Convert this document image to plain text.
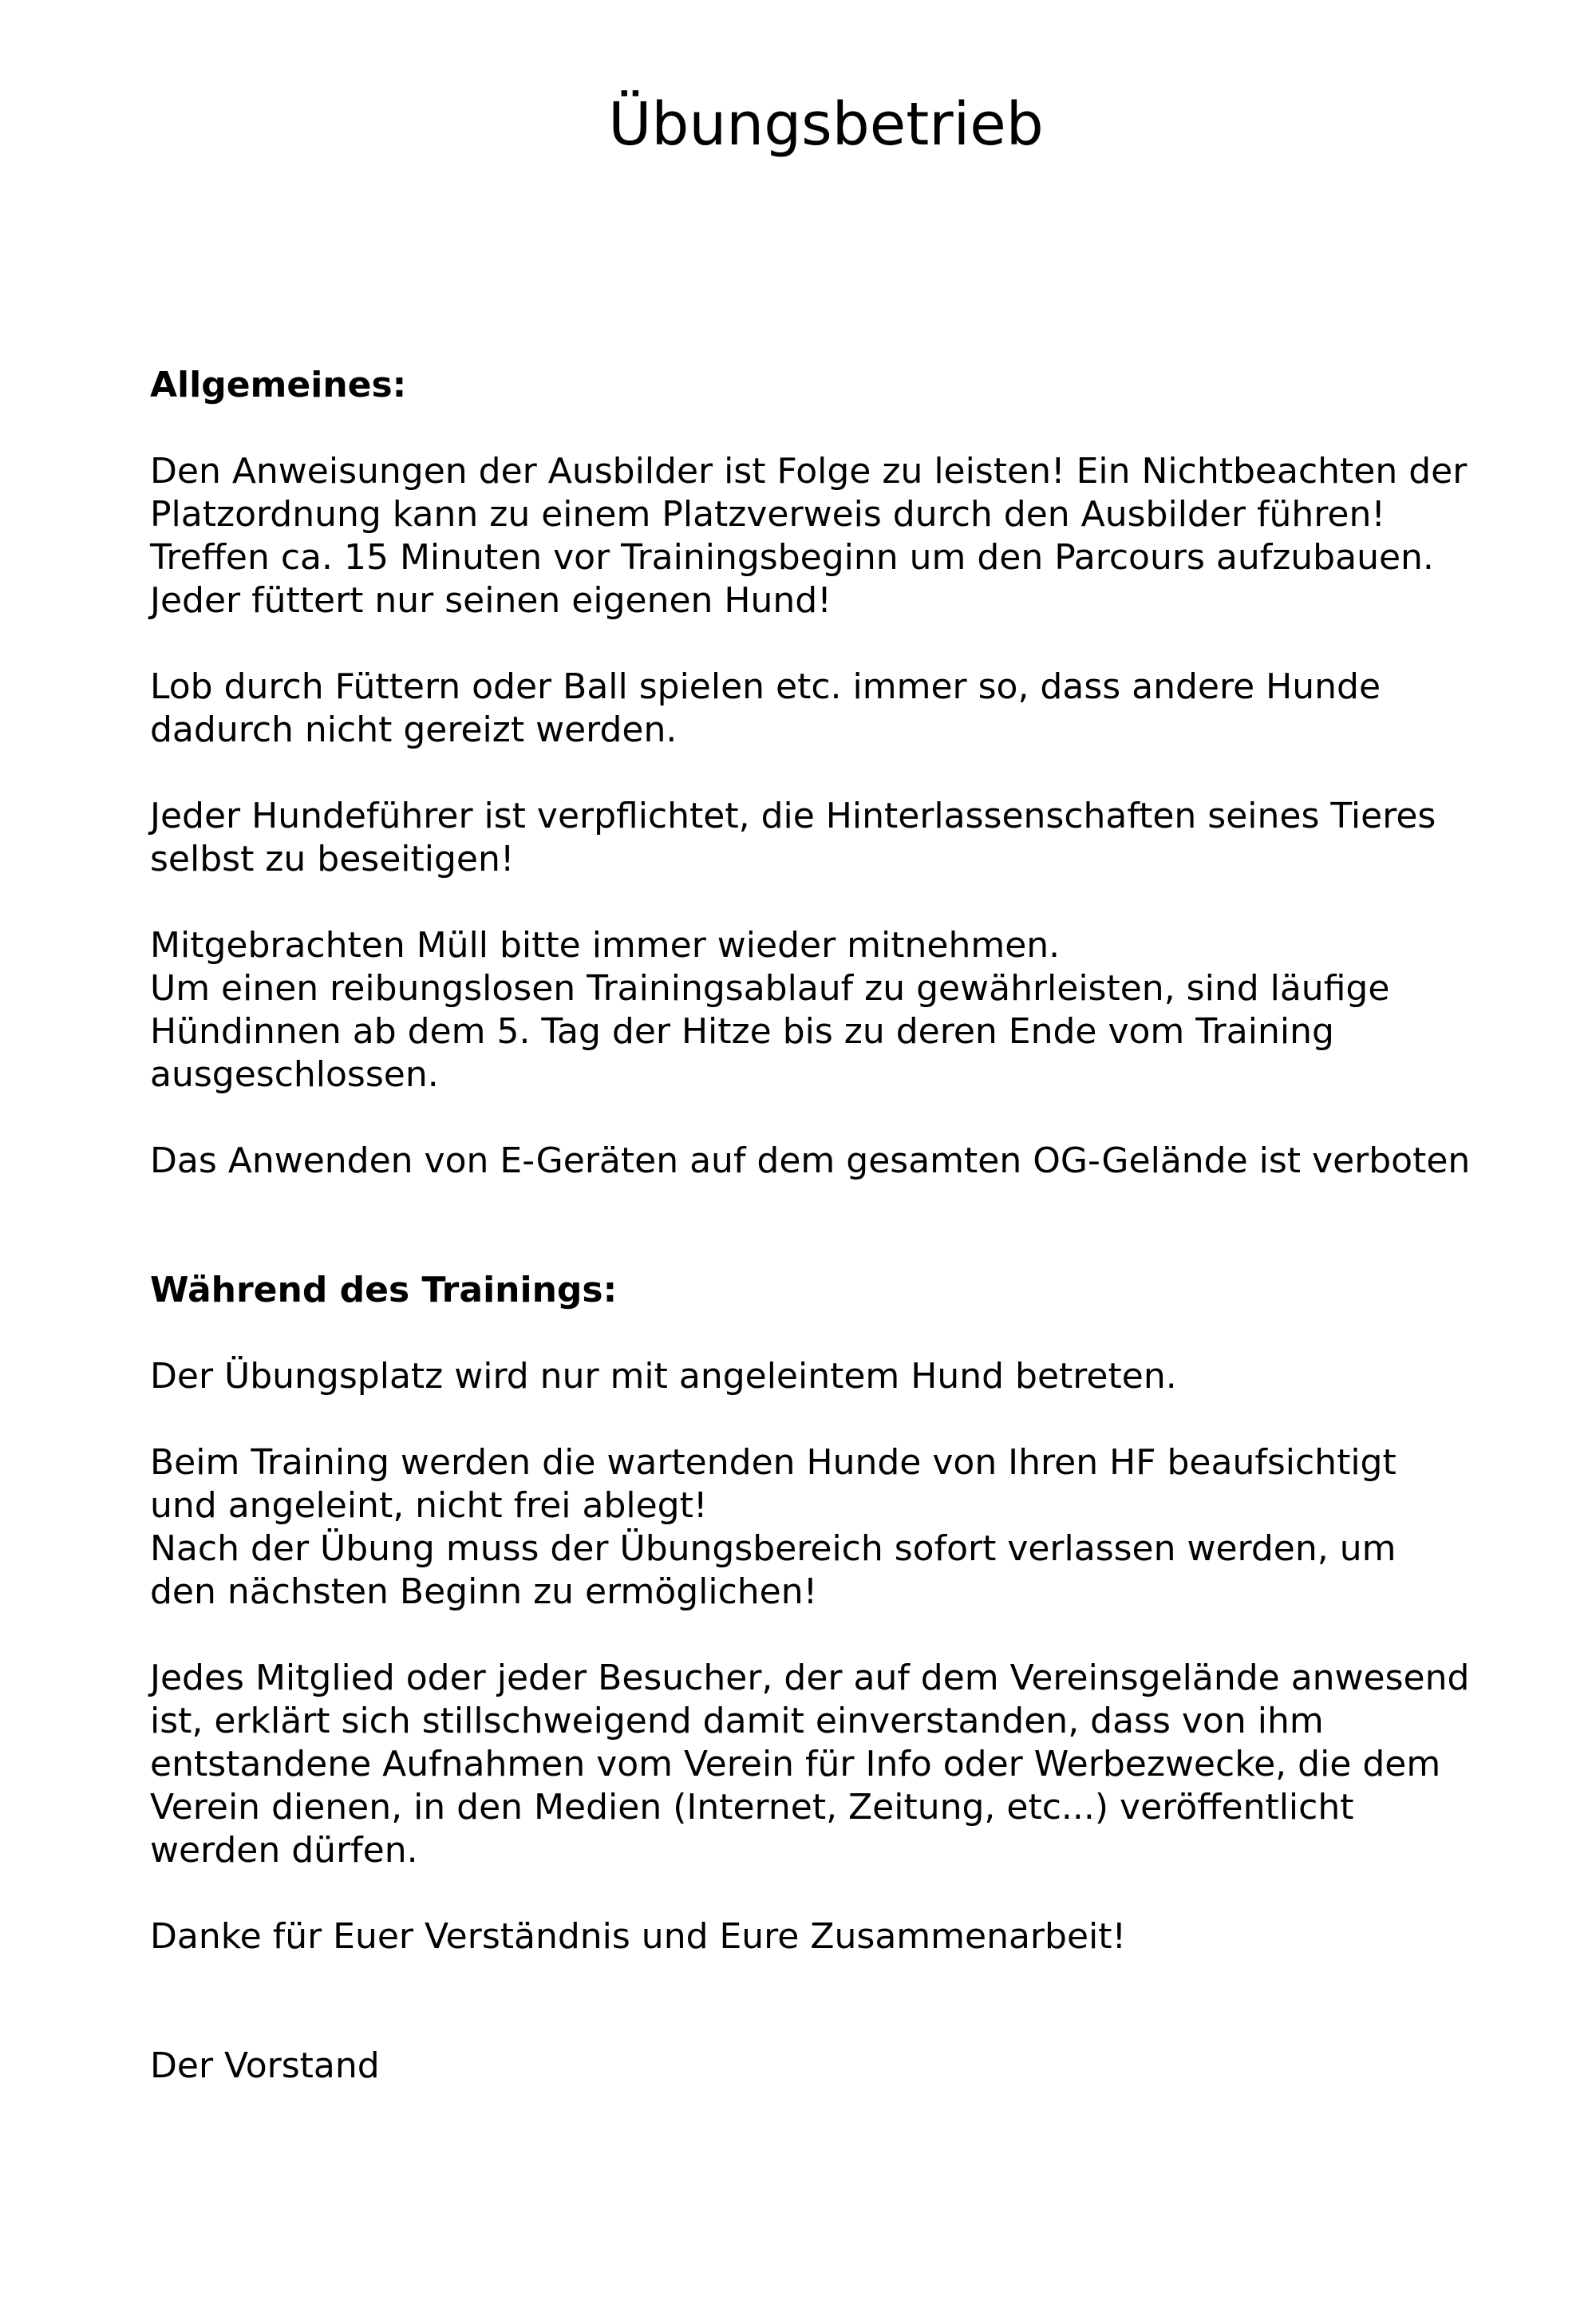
Übungsbetrieb
Allgemeines:

Den Anweisungen der Ausbilder ist Folge zu leisten! Ein Nichtbeachten der
Platzordnung kann zu einem Platzverweis durch den Ausbilder führen!
Treffen ca. 15 Minuten vor Trainingsbeginn um den Parcours aufzubauen.
Jeder füttert nur seinen eigenen Hund!

Lob durch Füttern oder Ball spielen etc. immer so, dass andere Hunde
dadurch nicht gereizt werden.

Jeder Hundeführer ist verpflichtet, die Hinterlassenschaften seines Tieres
selbst zu beseitigen!

Mitgebrachten Müll bitte immer wieder mitnehmen.
Um einen reibungslosen Trainingsablauf zu gewährleisten, sind läufige
Hündinnen ab dem 5. Tag der Hitze bis zu deren Ende vom Training
ausgeschlossen.

Das Anwenden von E-Geräten auf dem gesamten OG-Gelände ist verboten

Während des Trainings:

Der Übungsplatz wird nur mit angeleintem Hund betreten.

Beim Training werden die wartenden Hunde von Ihren HF beaufsichtigt
und angeleint, nicht frei ablegt!
Nach der Übung muss der Übungsbereich sofort verlassen werden, um
den nächsten Beginn zu ermöglichen!

Jedes Mitglied oder jeder Besucher, der auf dem Vereinsgelände anwesend
ist, erklärt sich stillschweigend damit einverstanden, dass von ihm
entstandene Aufnahmen vom Verein für Info oder Werbezwecke, die dem
Verein dienen, in den Medien (Internet, Zeitung, etc...) veröffentlicht
werden dürfen.

Danke für Euer Verständnis und Eure Zusammenarbeit!

Der Vorstand
